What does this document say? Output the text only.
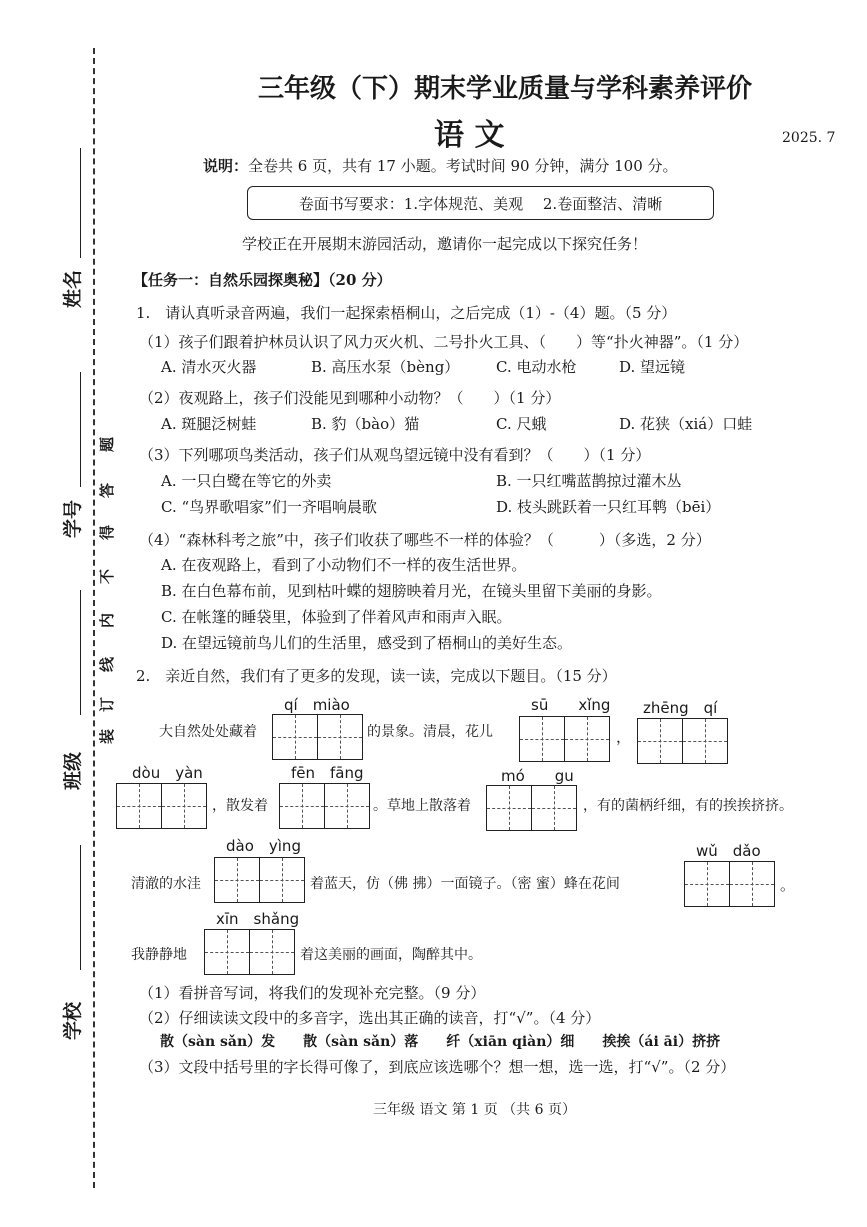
姓名
学号
班级
学校
题
答
得
不
内
线
订
装
三年级（下）期末学业质量与学科素养评价
语 文	2025. 7
说明：全卷共 6 页，共有 17 小题。考试时间 90 分钟，满分 100 分。
卷面书写要求：1.字体规范、美观　 2.卷面整洁、清晰
学校正在开展期末游园活动，邀请你一起完成以下探究任务！
【任务一：自然乐园探奥秘】（20 分）
1.　请认真听录音两遍，我们一起探索梧桐山，之后完成（1）-（4）题。（5 分）
（1）孩子们跟着护林员认识了风力灭火机、二号扑火工具、（　　）等“扑火神器”。（1 分）
A. 清水灭火器	B. 高压水泵（bèng） C. 电动水枪	D. 望远镜
（2）夜观路上，孩子们没能见到哪种小动物？（　　）（1 分）
A. 斑腿泛树蛙	B. 豹（bào）猫	C. 尺蛾	D. 花狭（xiá）口蛙
（3）下列哪项鸟类活动，孩子们从观鸟望远镜中没有看到？（　　）（1 分）
A. 一只白鹭在等它的外卖	B. 一只红嘴蓝鹊掠过灌木丛
C. “鸟界歌唱家”们一齐唱响晨歌	D. 枝头跳跃着一只红耳鹎（bēi）
（4）“森林科考之旅”中，孩子们收获了哪些不一样的体验？（　　　）（多选，2 分）
A. 在夜观路上，看到了小动物们不一样的夜生活世界。
B. 在白色幕布前，见到枯叶蝶的翅膀映着月光，在镜头里留下美丽的身影。
C. 在帐篷的睡袋里，体验到了伴着风声和雨声入眠。
D. 在望远镜前鸟儿们的生活里，感受到了梧桐山的美好生态。
2.　亲近自然，我们有了更多的发现，读一读，完成以下题目。（15 分）
qí　miào
大自然处处藏着	的景象。清晨，花儿
sū　　xǐng
，
zhēng　qí
dòu　yàn
，散发着
fēn　fāng
。草地上散落着
mó　　gu
，有的菌柄纤细，有的挨挨挤挤。
dào　yìng
清澈的水洼	着蓝天，仿（佛 拂）一面镜子。（密 蜜）蜂在花间
wǔ　dǎo
。
xīn　shǎng
我静静地	着这美丽的画面，陶醉其中。
（1）看拼音写词，将我们的发现补充完整。（9 分）
（2）仔细读读文段中的多音字，选出其正确的读音，打“√”。（4 分）
散（sàn sǎn）发　　散（sàn sǎn）落　　纤（xiān qiàn）细　　挨挨（ái āi）挤挤
（3）文段中括号里的字长得可像了，到底应该选哪个？想一想，选一选，打“√”。（2 分）
三年级 语文 第 1 页 （共 6 页）
